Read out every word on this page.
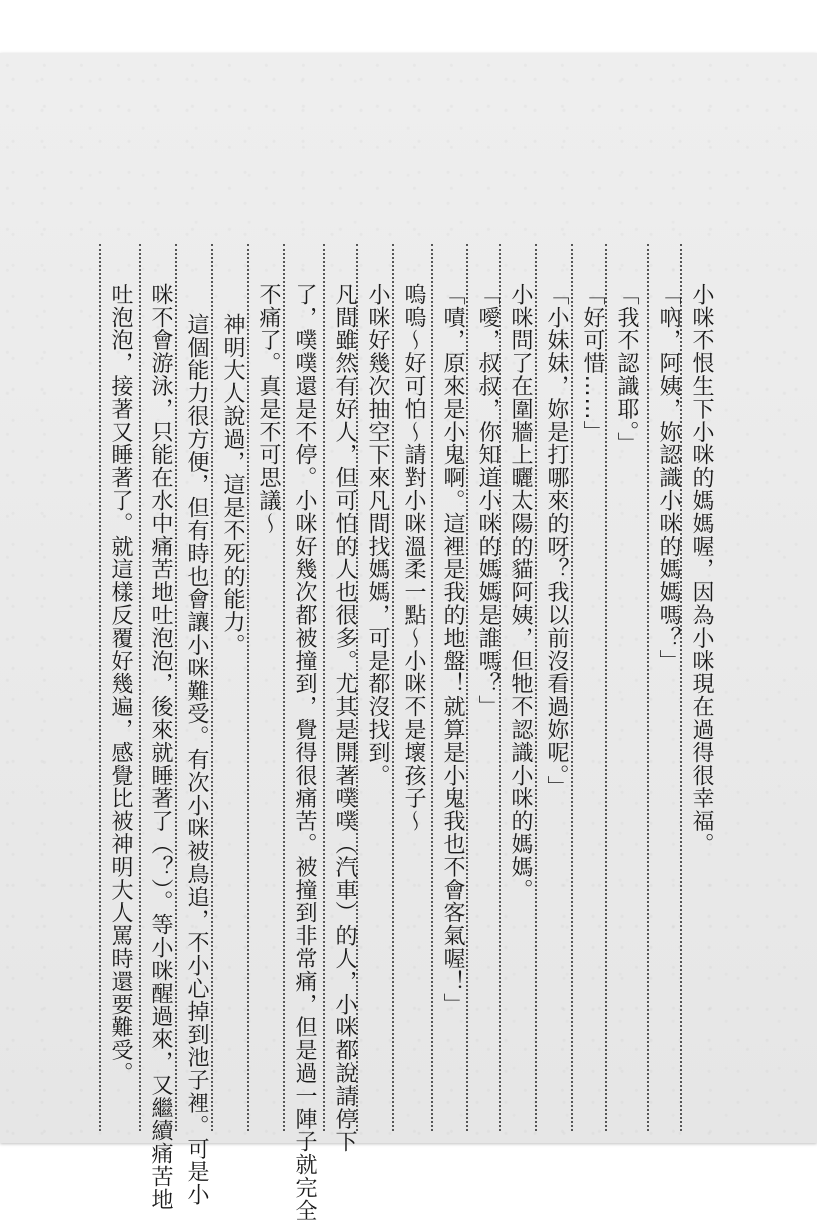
小咪不恨生下小咪的媽媽喔，因為小咪現在過得很幸福。
「吶，阿姨，妳認識小咪的媽媽嗎？」
「我不認識耶。」
「好可惜……」
「小妹妹，妳是打哪來的呀？我以前沒看過妳呢。」
小咪問了在圍牆上曬太陽的貓阿姨，但牠不認識小咪的媽媽。
「噯，叔叔，你知道小咪的媽媽是誰嗎？」
「嘖，原來是小鬼啊。這裡是我的地盤！就算是小鬼我也不會客氣喔！」
嗚嗚～好可怕～請對小咪溫柔一點～小咪不是壞孩子～
小咪好幾次抽空下來凡間找媽媽，可是都沒找到。
凡間雖然有好人，但可怕的人也很多。尤其是開著噗噗（汽車）的人，小咪都說請停下
了，噗噗還是不停。小咪好幾次都被撞到，覺得很痛苦。被撞到非常痛，但是過一陣子就完全
不痛了。真是不可思議～
神明大人說過，這是不死的能力。
這個能力很方便，但有時也會讓小咪難受。有次小咪被鳥追，不小心掉到池子裡。可是小
咪不會游泳，只能在水中痛苦地吐泡泡，後來就睡著了（？）。等小咪醒過來，又繼續痛苦地
吐泡泡，接著又睡著了。就這樣反覆好幾遍，感覺比被神明大人罵時還要難受。
